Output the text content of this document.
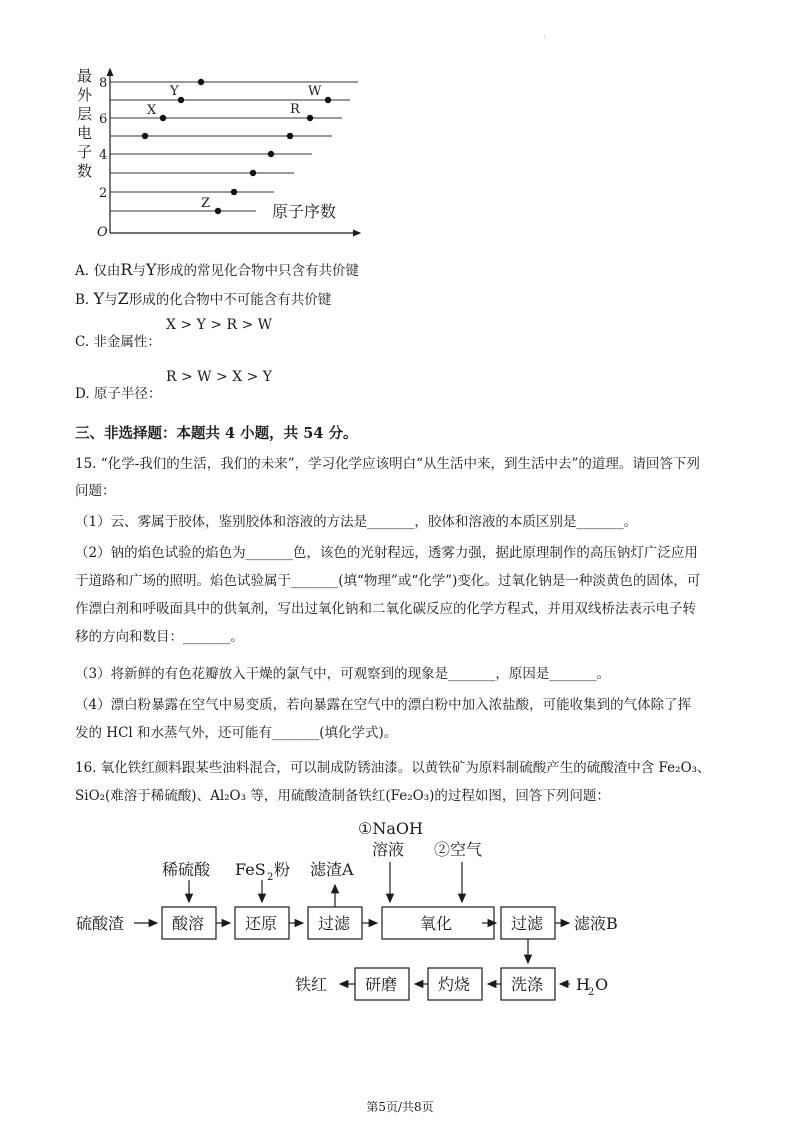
.
最
外
层
电
子
数
8
6
4
2
O
原子序数
Y	W
X	R
Z
A. 仅由R与Y形成的常见化合物中只含有共价键
B. Y与Z形成的化合物中不可能含有共价键
C. 非金属性：
X > Y > R > W
D. 原子半径：
R > W > X > Y
三、非选择题：本题共 4 小题，共 54 分。
15. “化学-我们的生活，我们的未来”，学习化学应该明白“从生活中来，到生活中去”的道理。请回答下列
问题：
（1）云、雾属于胶体，鉴别胶体和溶液的方法是_______，胶体和溶液的本质区别是_______。
（2）钠的焰色试验的焰色为_______色，该色的光射程远，透雾力强，据此原理制作的高压钠灯广泛应用
于道路和广场的照明。焰色试验属于_______(填“物理”或“化学”)变化。过氧化钠是一种淡黄色的固体，可
作漂白剂和呼吸面具中的供氧剂，写出过氧化钠和二氧化碳反应的化学方程式，并用双线桥法表示电子转
移的方向和数目：_______。
（3）将新鲜的有色花瓣放入干燥的氯气中，可观察到的现象是_______，原因是_______。
（4）漂白粉暴露在空气中易变质，若向暴露在空气中的漂白粉中加入浓盐酸，可能收集到的气体除了挥
发的 HCl 和水蒸气外，还可能有_______(填化学式)。
16. 氧化铁红颜料跟某些油料混合，可以制成防锈油漆。以黄铁矿为原料制硫酸产生的硫酸渣中含 Fe₂O₃、
SiO₂(难溶于稀硫酸)、Al₂O₃ 等，用硫酸渣制备铁红(Fe₂O₃)的过程如图，回答下列问题：
硫酸渣	酸溶	还原	过滤	氧化	过滤 滤液B
洗涤 H
2 O
灼烧
研磨
铁红
稀硫酸 FeS 2 粉 滤渣A
①NaOH
溶液 ②空气
第5页/共8页
